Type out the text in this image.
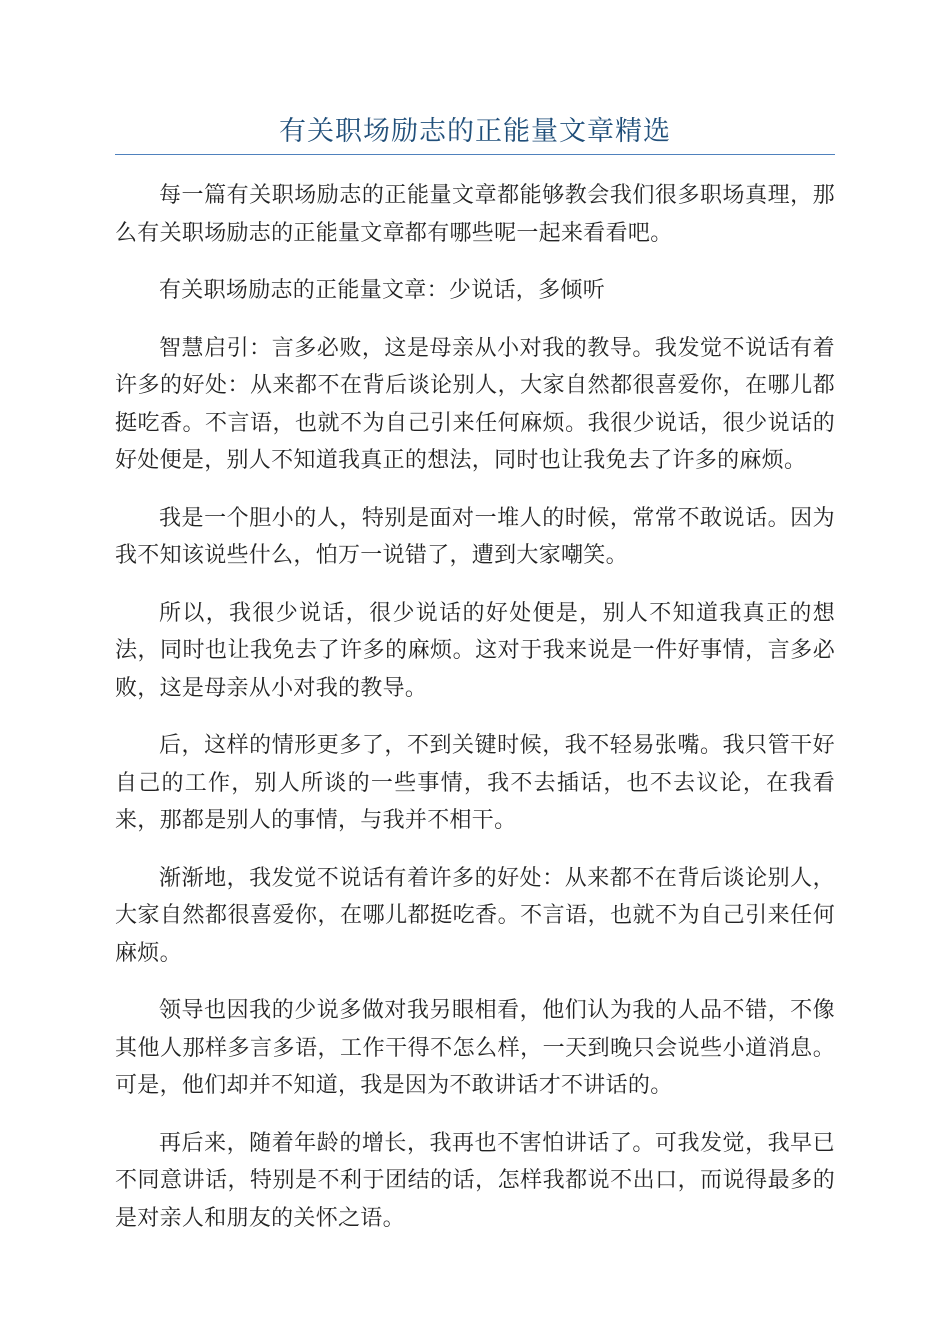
有关职场励志的正能量文章精选

每一篇有关职场励志的正能量文章都能够教会我们很多职场真理，那么有关职场励志的正能量文章都有哪些呢一起来看看吧。

有关职场励志的正能量文章：少说话，多倾听

智慧启引：言多必败，这是母亲从小对我的教导。我发觉不说话有着许多的好处：从来都不在背后谈论别人，大家自然都很喜爱你，在哪儿都挺吃香。不言语，也就不为自己引来任何麻烦。我很少说话，很少说话的好处便是，别人不知道我真正的想法，同时也让我免去了许多的麻烦。

我是一个胆小的人，特别是面对一堆人的时候，常常不敢说话。因为我不知该说些什么，怕万一说错了，遭到大家嘲笑。

所以，我很少说话，很少说话的好处便是，别人不知道我真正的想法，同时也让我免去了许多的麻烦。这对于我来说是一件好事情，言多必败，这是母亲从小对我的教导。

后，这样的情形更多了，不到关键时候，我不轻易张嘴。我只管干好自己的工作，别人所谈的一些事情，我不去插话，也不去议论，在我看来，那都是别人的事情，与我并不相干。

渐渐地，我发觉不说话有着许多的好处：从来都不在背后谈论别人，大家自然都很喜爱你，在哪儿都挺吃香。不言语，也就不为自己引来任何麻烦。

领导也因我的少说多做对我另眼相看，他们认为我的人品不错，不像其他人那样多言多语，工作干得不怎么样，一天到晚只会说些小道消息。可是，他们却并不知道，我是因为不敢讲话才不讲话的。

再后来，随着年龄的增长，我再也不害怕讲话了。可我发觉，我早已不同意讲话，特别是不利于团结的话，怎样我都说不出口，而说得最多的是对亲人和朋友的关怀之语。
